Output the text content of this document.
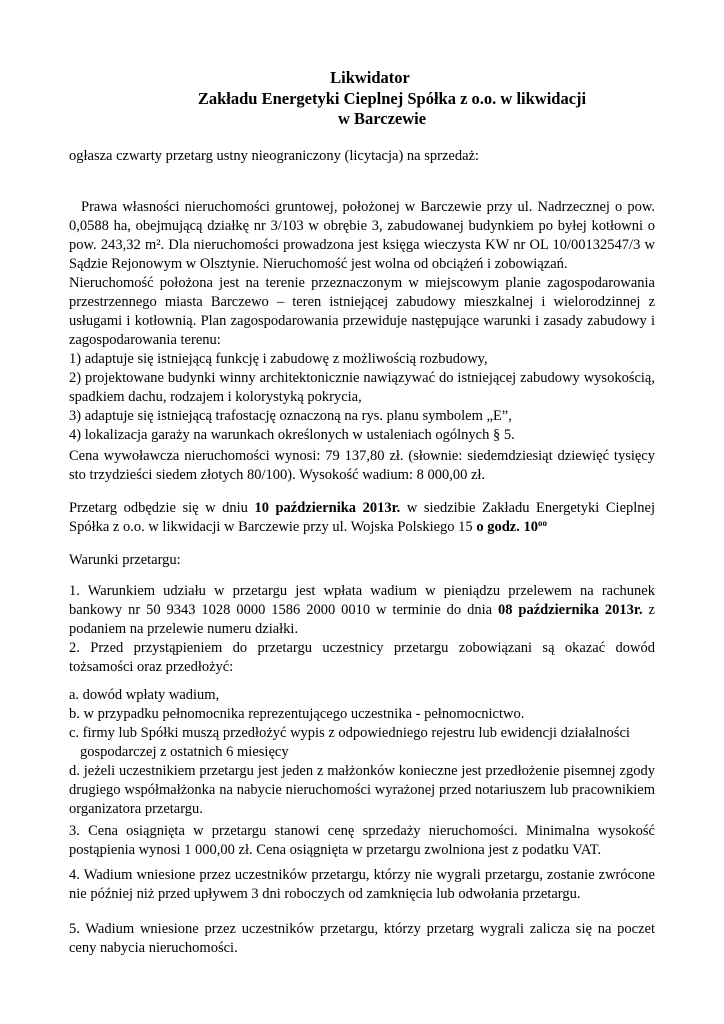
Likwidator
Zakładu Energetyki Cieplnej Spółka z o.o. w likwidacji
w Barczewie

ogłasza czwarty przetarg ustny nieograniczony (licytacja) na sprzedaż:

Prawa własności nieruchomości gruntowej, położonej w Barczewie przy ul. Nadrzecznej o pow. 0,0588 ha, obejmującą działkę nr 3/103 w obrębie 3, zabudowanej budynkiem po byłej kotłowni o pow. 243,32 m². Dla nieruchomości prowadzona jest księga wieczysta KW nr OL 10/00132547/3 w Sądzie Rejonowym w Olsztynie. Nieruchomość jest wolna od obciążeń i zobowiązań.

Nieruchomość położona jest na terenie przeznaczonym w miejscowym planie zagospodarowania przestrzennego miasta Barczewo – teren istniejącej zabudowy mieszkalnej i wielorodzinnej z usługami i kotłownią. Plan zagospodarowania przewiduje następujące warunki i zasady zabudowy i zagospodarowania terenu:

1) adaptuje się istniejącą funkcję i zabudowę z możliwością rozbudowy,

2) projektowane budynki winny architektonicznie nawiązywać do istniejącej zabudowy wysokością, spadkiem dachu, rodzajem i kolorystyką pokrycia,

3) adaptuje się istniejącą trafostację oznaczoną na rys. planu symbolem „E”,

4) lokalizacja garaży na warunkach określonych w ustaleniach ogólnych § 5.

Cena wywoławcza nieruchomości wynosi: 79 137,80 zł. (słownie: siedemdziesiąt dziewięć tysięcy sto trzydzieści siedem złotych 80/100). Wysokość wadium: 8 000,00 zł.

Przetarg odbędzie się w dniu 10 października 2013r. w siedzibie Zakładu Energetyki Cieplnej Spółka z o.o. w likwidacji w Barczewie przy ul. Wojska Polskiego 15 o godz. $10^{oo}$

Warunki przetargu:

1. Warunkiem udziału w przetargu jest wpłata wadium w pieniądzu przelewem na rachunek bankowy nr 50 9343 1028 0000 1586 2000 0010 w terminie do dnia 08 października 2013r. z podaniem na przelewie numeru działki.

2. Przed przystąpieniem do przetargu uczestnicy przetargu zobowiązani są okazać dowód tożsamości oraz przedłożyć:

a. dowód wpłaty wadium,

b. w przypadku pełnomocnika reprezentującego uczestnika - pełnomocnictwo.

c. firmy lub Spółki muszą przedłożyć wypis z odpowiedniego rejestru lub ewidencji działalności

gospodarczej z ostatnich 6 miesięcy

d. jeżeli uczestnikiem przetargu jest jeden z małżonków konieczne jest przedłożenie pisemnej zgody drugiego współmałżonka na nabycie nieruchomości wyrażonej przed notariuszem lub pracownikiem organizatora przetargu.

3. Cena osiągnięta w przetargu stanowi cenę sprzedaży nieruchomości. Minimalna wysokość postąpienia wynosi 1 000,00 zł. Cena osiągnięta w przetargu zwolniona jest z podatku VAT.

4. Wadium wniesione przez uczestników przetargu, którzy nie wygrali przetargu, zostanie zwrócone nie później niż przed upływem 3 dni roboczych od zamknięcia lub odwołania przetargu.

5. Wadium wniesione przez uczestników przetargu, którzy przetarg wygrali zalicza się na poczet ceny nabycia nieruchomości.
